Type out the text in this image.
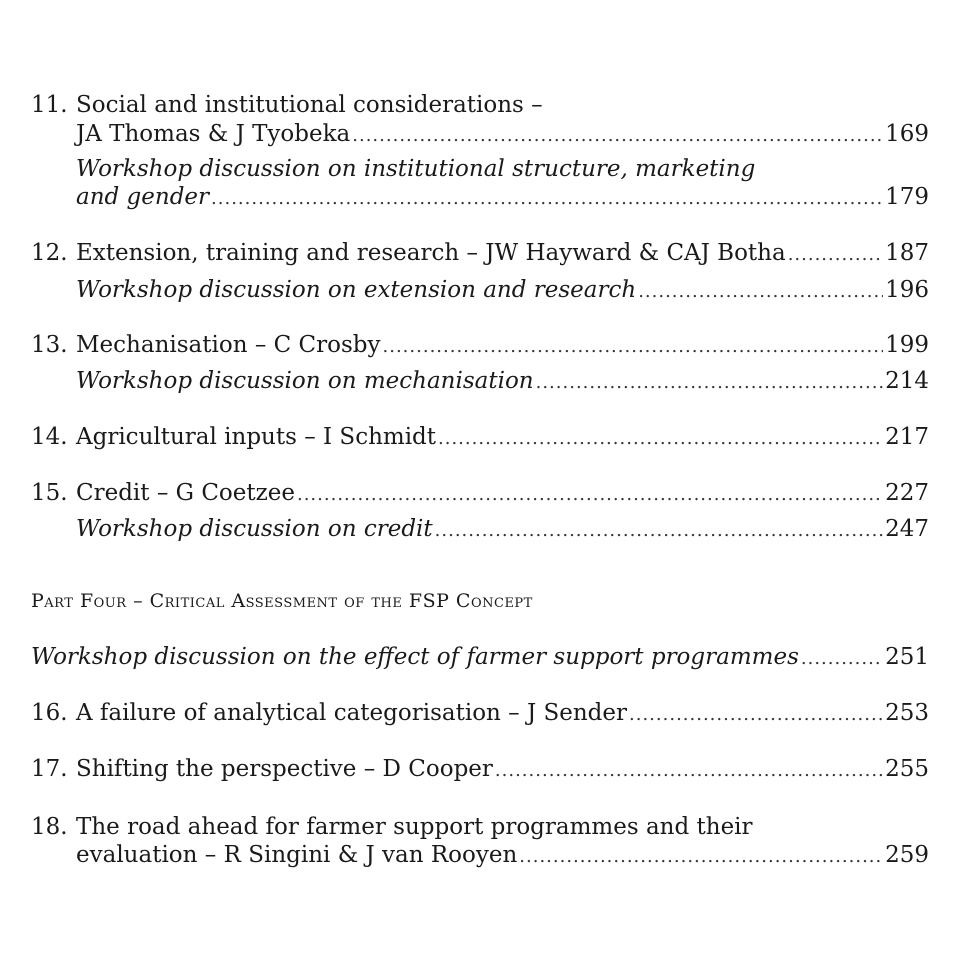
11. Social and institutional considerations –
JA Thomas & J Tyobeka .....	169
Workshop discussion on institutional structure, marketing
and gender .....	179
12. Extension, training and research – JW Hayward & CAJ Botha .....	187
Workshop discussion on extension and research .....	196
13. Mechanisation – C Crosby .....	199
Workshop discussion on mechanisation .....	214
14. Agricultural inputs – I Schmidt .....	217
15. Credit – G Coetzee .....	227
Workshop discussion on credit .....	247
Part Four – Critical Assessment of the FSP Concept
Workshop discussion on the effect of farmer support programmes .....	251
16. A failure of analytical categorisation – J Sender .....	253
17. Shifting the perspective – D Cooper .....	255
18. The road ahead for farmer support programmes and their
evaluation – R Singini & J van Rooyen .....	259
